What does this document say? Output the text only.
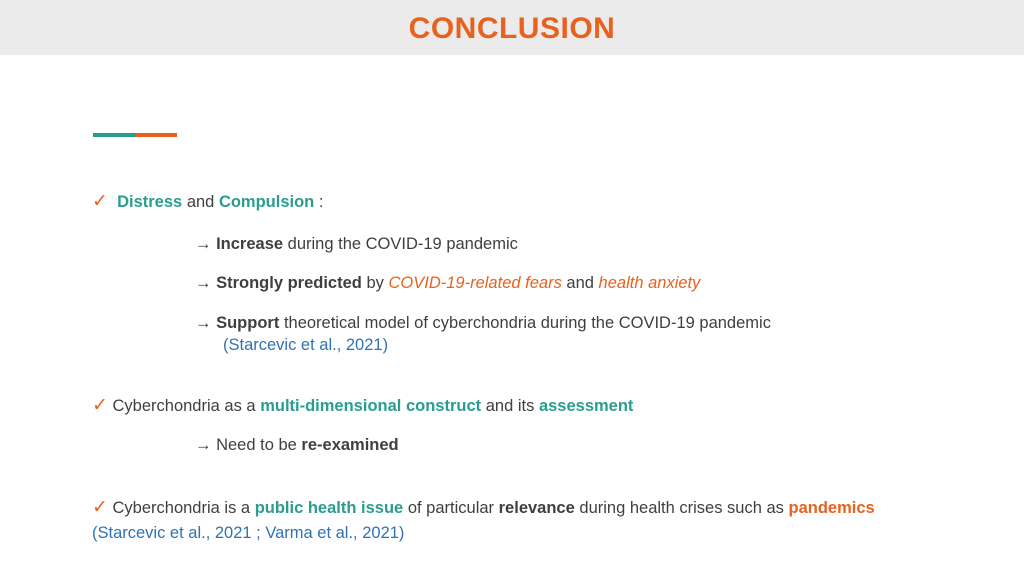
CONCLUSION
✓ Distress and Compulsion :
→ Increase during the COVID-19 pandemic
→ Strongly predicted by COVID-19-related fears and health anxiety
→ Support theoretical model of cyberchondria during the COVID-19 pandemic
(Starcevic et al., 2021)
✓ Cyberchondria as a multi-dimensional construct and its assessment
→ Need to be re-examined
✓ Cyberchondria is a public health issue of particular relevance during health crises such as pandemics
(Starcevic et al., 2021 ; Varma et al., 2021)
